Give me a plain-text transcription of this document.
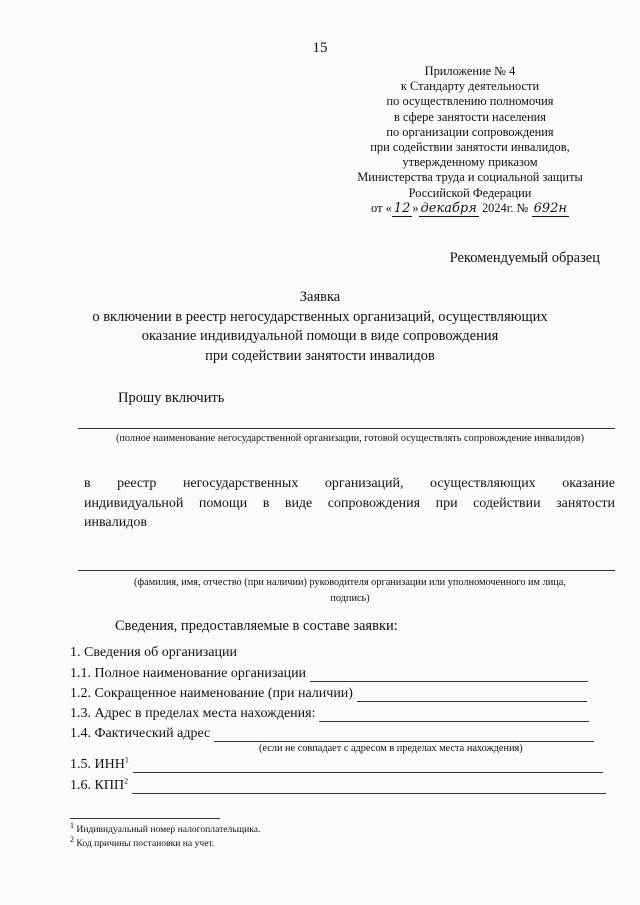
15
Приложение № 4
к Стандарту деятельности
по осуществлению полномочия
в сфере занятости населения
по организации сопровождения
при содействии занятости инвалидов,
утвержденному приказом
Министерства труда и социальной защиты
Российской Федерации
от « 12 » декабря 2024г. № 692н
Рекомендуемый образец
Заявка
о включении в реестр негосударственных организаций, осуществляющих
оказание индивидуальной помощи в виде сопровождения
при содействии занятости инвалидов
Прошу включить
(полное наименование негосударственной организации, готовой осуществлять сопровождение инвалидов)
в реестр негосударственных организаций, осуществляющих оказание
индивидуальной помощи в виде сопровождения при содействии занятости
инвалидов
(фамилия, имя, отчество (при наличии) руководителя организации или уполномоченного им лица,
подпись)
Сведения, предоставляемые в составе заявки:
1. Сведения об организации
1.1. Полное наименование организации
1.2. Сокращенное наименование (при наличии)
1.3. Адрес в пределах места нахождения:
1.4. Фактический адрес
(если не совпадает с адресом в пределах места нахождения)
1.5. ИНН$^1$
1.6. КПП$^2$
$^1$ Индивидуальный номер налогоплательщика.
$^2$ Код причины постановки на учет.
